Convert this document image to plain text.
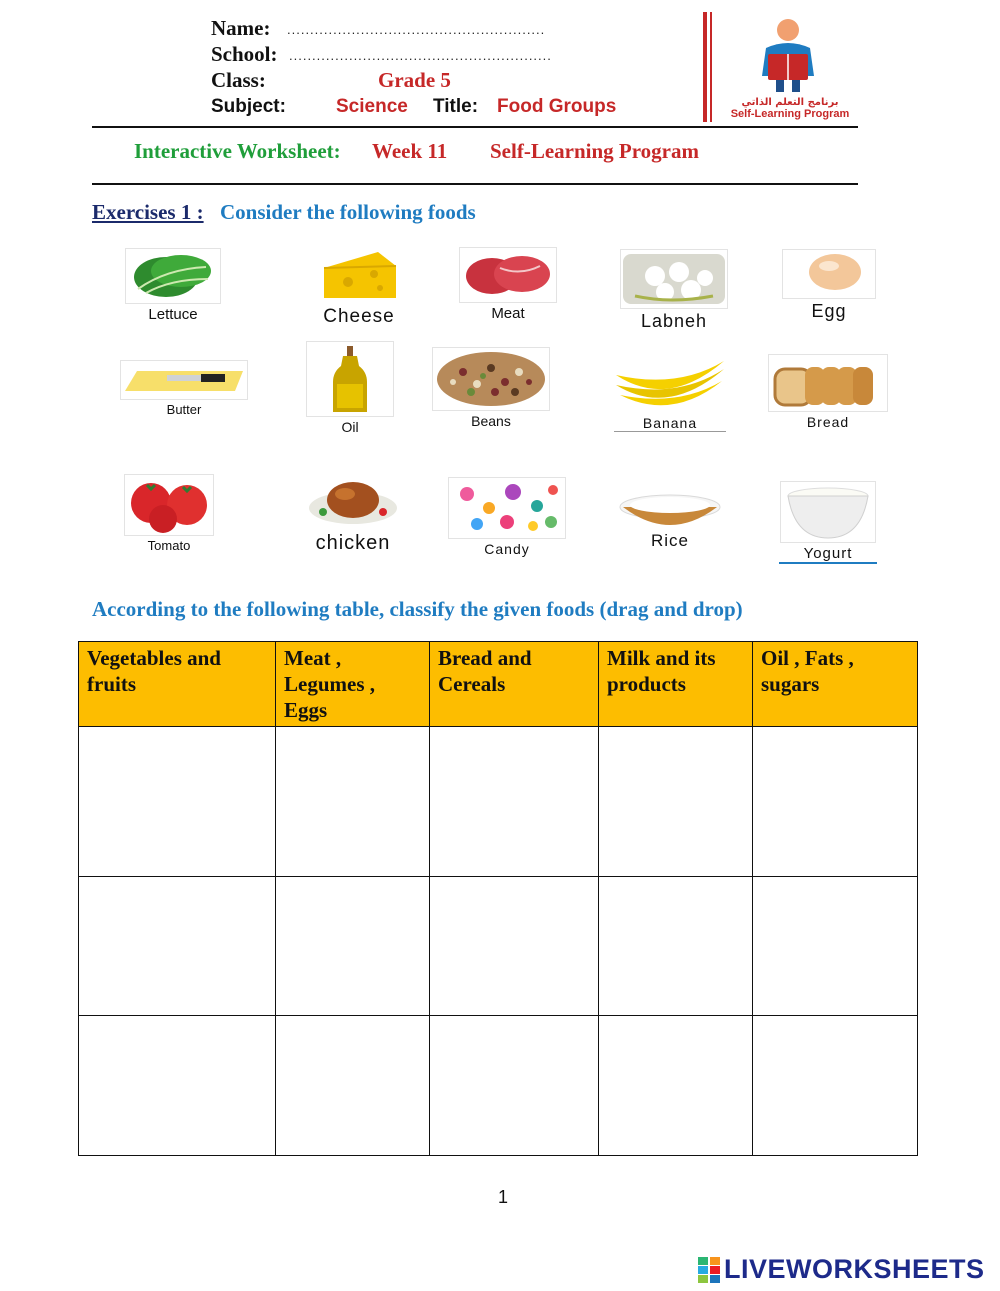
Name: ........................................................
School: .........................................................
Class:	Grade 5
Subject:	Science Title: Food Groups	برنامج التعلم الذاتي
Self-Learning Program
Interactive Worksheet: Week 11 Self-Learning Program
Exercises 1 : Consider the following foods
Lettuce	Cheese	Meat	Labneh	Egg
Butter
Oil	Beans	Banana	Bread
Tomato	chicken	Candy	Rice
Yogurt
According to the following table, classify the given foods (drag and drop)
Vegetables and fruits	Meat , Legumes , Eggs	Bread and Cereals	Milk and its products	Oil , Fats , sugars

1
LIVEWORKSHEETS
